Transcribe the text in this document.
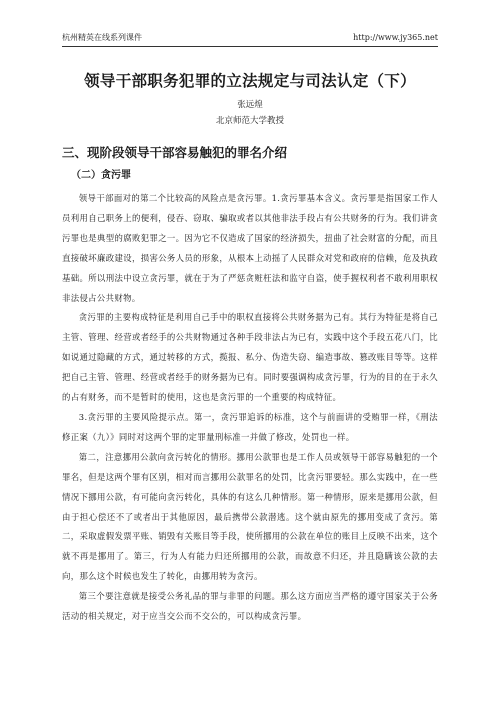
杭州精英在线系列课件	http://www.jy365.net
领导干部职务犯罪的立法规定与司法认定（下）
张远煌
北京师范大学教授
三、现阶段领导干部容易触犯的罪名介绍
（二）贪污罪

领导干部面对的第二个比较高的风险点是贪污罪。1.贪污罪基本含义。贪污罪是指国家工作人员利用自己职务上的便利，侵吞、窃取、骗取或者以其他非法手段占有公共财务的行为。我们讲贪污罪也是典型的腐败犯罪之一。因为它不仅造成了国家的经济损失，扭曲了社会财富的分配，而且直接破坏廉政建设，损害公务人员的形象，从根本上动摇了人民群众对党和政府的信赖，危及执政基础。所以刑法中设立贪污罪，就在于为了严惩贪赃枉法和监守自盗，使手握权利者不敢利用职权非法侵占公共财物。

贪污罪的主要构成特征是利用自己手中的职权直接将公共财务据为己有。其行为特征是将自己主管、管理、经营或者经手的公共财物通过各种手段非法占为已有，实践中这个手段五花八门，比如说通过隐藏的方式，通过转移的方式，揽报、私分、伪造失窃、编造事故、篡改账目等等。这样把自己主管、管理、经营或者经手的财务据为已有。同时要强调构成贪污罪，行为的目的在于永久的占有财务，而不是暂时的使用，这也是贪污罪的一个重要的构成特征。

3.贪污罪的主要风险提示点。第一，贪污罪追诉的标准，这个与前面讲的受贿罪一样，《刑法修正案（九）》同时对这两个罪的定罪量刑标准一并做了修改，处罚也一样。

第二，注意挪用公款向贪污转化的情形。挪用公款罪也是工作人员或领导干部容易触犯的一个罪名，但是这两个罪有区别，相对而言挪用公款罪名的处罚，比贪污罪要轻。那么实践中，在一些情况下挪用公款，有可能向贪污转化，具体的有这么几种情形。第一种情形，原来是挪用公款，但由于担心偿还不了或者出于其他原因，最后携带公款潜逃。这个就由原先的挪用变成了贪污。第二，采取虚假发票平账、销毁有关账目等手段，使所挪用的公款在单位的账目上反映不出来，这个就不再是挪用了。第三，行为人有能力归还所挪用的公款，而故意不归还，并且隐瞒该公款的去向，那么这个时候也发生了转化，由挪用转为贪污。

第三个要注意就是接受公务礼品的罪与非罪的问题。那么这方面应当严格的遵守国家关于公务活动的相关规定，对于应当交公而不交公的，可以构成贪污罪。
